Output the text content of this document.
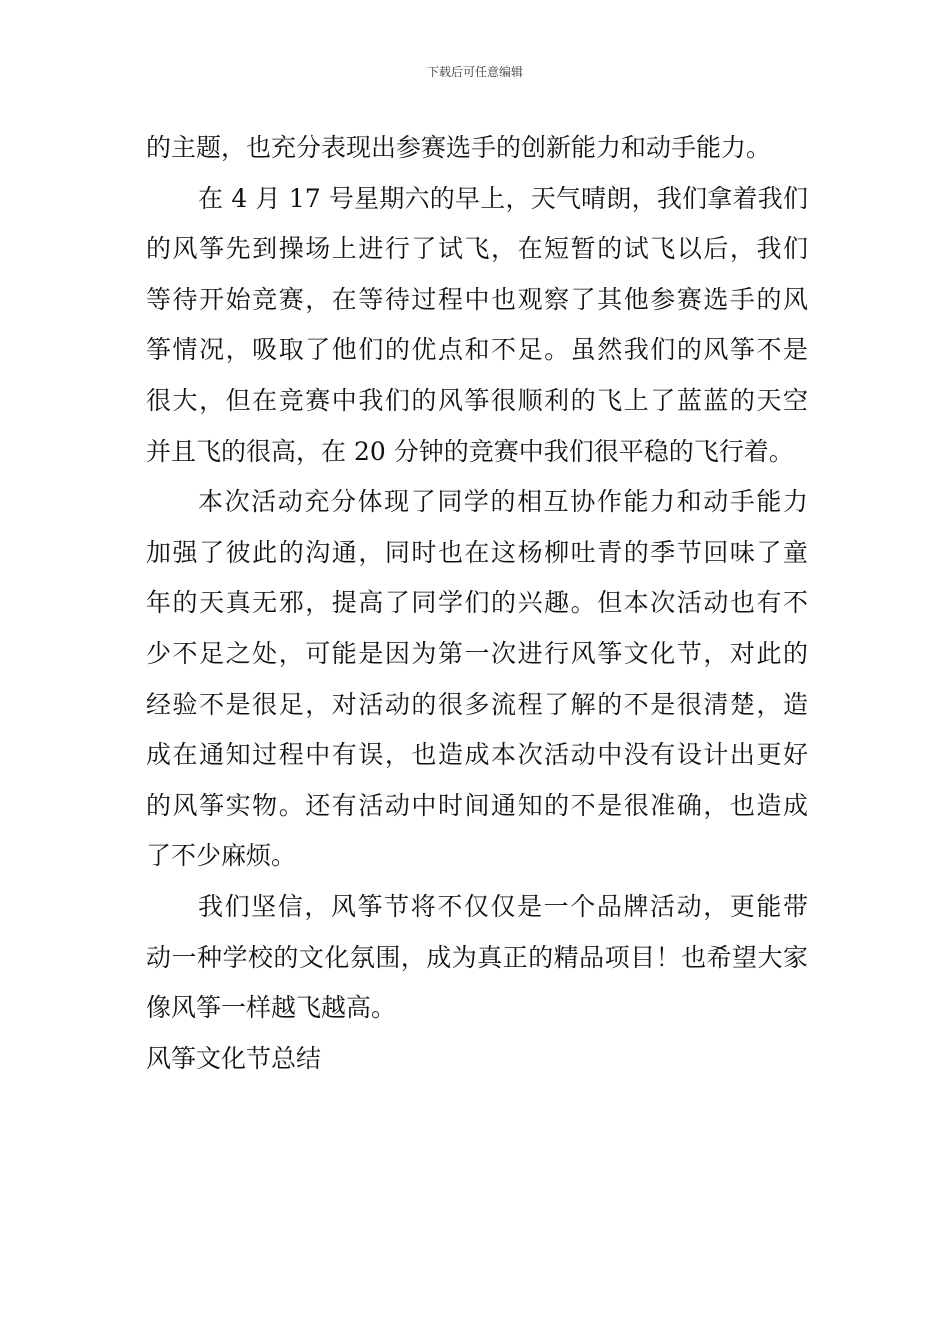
下载后可任意编辑
的主题，也充分表现出参赛选手的创新能力和动手能力。
在 4 月 17 号星期六的早上，天气晴朗，我们拿着我们
的风筝先到操场上进行了试飞，在短暂的试飞以后，我们
等待开始竞赛，在等待过程中也观察了其他参赛选手的风
筝情况，吸取了他们的优点和不足。虽然我们的风筝不是
很大，但在竞赛中我们的风筝很顺利的飞上了蓝蓝的天空
并且飞的很高，在 20 分钟的竞赛中我们很平稳的飞行着。
本次活动充分体现了同学的相互协作能力和动手能力
加强了彼此的沟通，同时也在这杨柳吐青的季节回味了童
年的天真无邪，提高了同学们的兴趣。但本次活动也有不
少不足之处，可能是因为第一次进行风筝文化节，对此的
经验不是很足，对活动的很多流程了解的不是很清楚，造
成在通知过程中有误，也造成本次活动中没有设计出更好
的风筝实物。还有活动中时间通知的不是很准确，也造成
了不少麻烦。
我们坚信，风筝节将不仅仅是一个品牌活动，更能带
动一种学校的文化氛围，成为真正的精品项目！也希望大家
像风筝一样越飞越高。
风筝文化节总结
